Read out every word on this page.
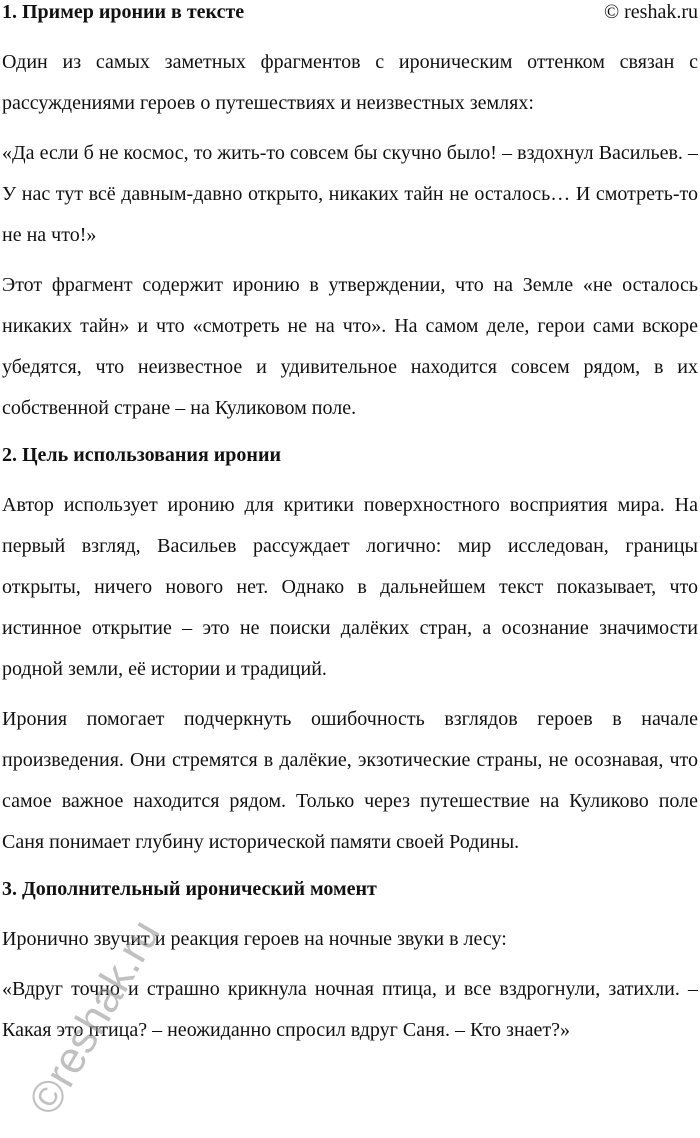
1. Пример иронии в тексте	© reshak.ru

Один из самых заметных фрагментов с ироническим оттенком связан с рассуждениями героев о путешествиях и неизвестных землях:

«Да если б не космос, то жить-то совсем бы скучно было! – вздохнул Васильев. – У нас тут всё давным-давно открыто, никаких тайн не осталось… И смотреть-то не на что!»

Этот фрагмент содержит иронию в утверждении, что на Земле «не осталось никаких тайн» и что «смотреть не на что». На самом деле, герои сами вскоре убедятся, что неизвестное и удивительное находится совсем рядом, в их собственной стране – на Куликовом поле.

2. Цель использования иронии

Автор использует иронию для критики поверхностного восприятия мира. На первый взгляд, Васильев рассуждает логично: мир исследован, границы открыты, ничего нового нет. Однако в дальнейшем текст показывает, что истинное открытие – это не поиски далёких стран, а осознание значимости родной земли, её истории и традиций.

Ирония помогает подчеркнуть ошибочность взглядов героев в начале произведения. Они стремятся в далёкие, экзотические страны, не осознавая, что самое важное находится рядом. Только через путешествие на Куликово поле Саня понимает глубину исторической памяти своей Родины.

3. Дополнительный иронический момент

Иронично звучит и реакция героев на ночные звуки в лесу:

«Вдруг точно и страшно крикнула ночная птица, и все вздрогнули, затихли. – Какая это птица? – неожиданно спросил вдруг Саня. – Кто знает?»

©reshak.ru
